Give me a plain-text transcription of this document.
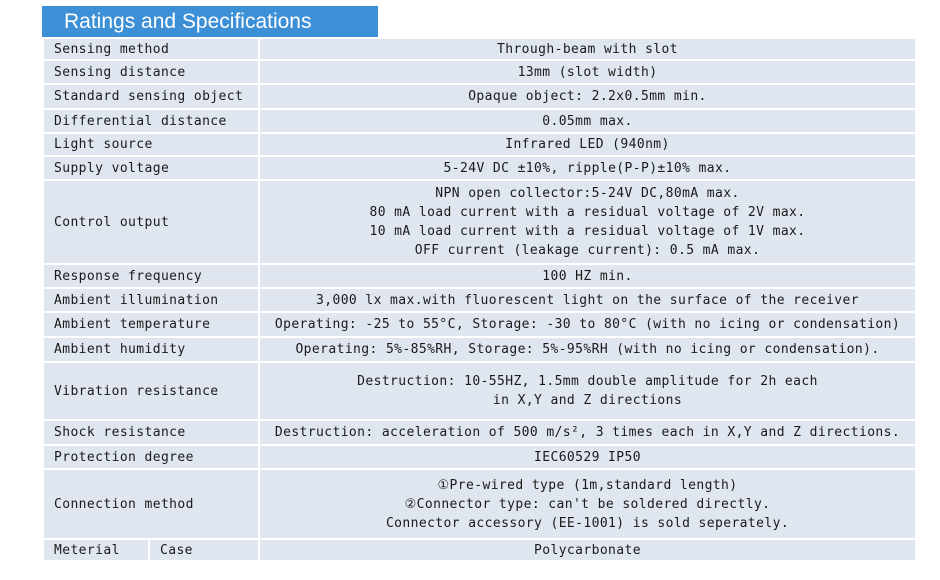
Ratings and Specifications
Sensing method		Through-beam with slot

Sensing distance		13mm (slot width)

Standard sensing object		Opaque object: 2.2x0.5mm min.

Differential distance		0.05mm max.

Light source		Infrared LED (940nm)

Supply voltage		5-24V DC ±10%, ripple(P-P)±10% max.

Control output		NPN open collector:5-24V DC,80mA max.
80 mA load current with a residual voltage of 2V max.
10 mA load current with a residual voltage of 1V max.
OFF current (leakage current): 0.5 mA max.

Response frequency		100 HZ min.

Ambient illumination		3,000 lx max.with fluorescent light on the surface of the receiver

Ambient temperature		Operating: -25 to 55°C, Storage: -30 to 80°C (with no icing or condensation)

Ambient humidity		Operating: 5%-85%RH, Storage: 5%-95%RH (with no icing or condensation).

Vibration resistance		Destruction: 10-55HZ, 1.5mm double amplitude for 2h each
in X,Y and Z directions

Shock resistance		Destruction: acceleration of 500 m/s², 3 times each in X,Y and Z directions.

Protection degree		IEC60529 IP50

Connection method		①Pre-wired type (1m,standard length)
②Connector type: can't be soldered directly.
Connector accessory (EE-1001) is sold seperately.

Meterial	Case	Polycarbonate
